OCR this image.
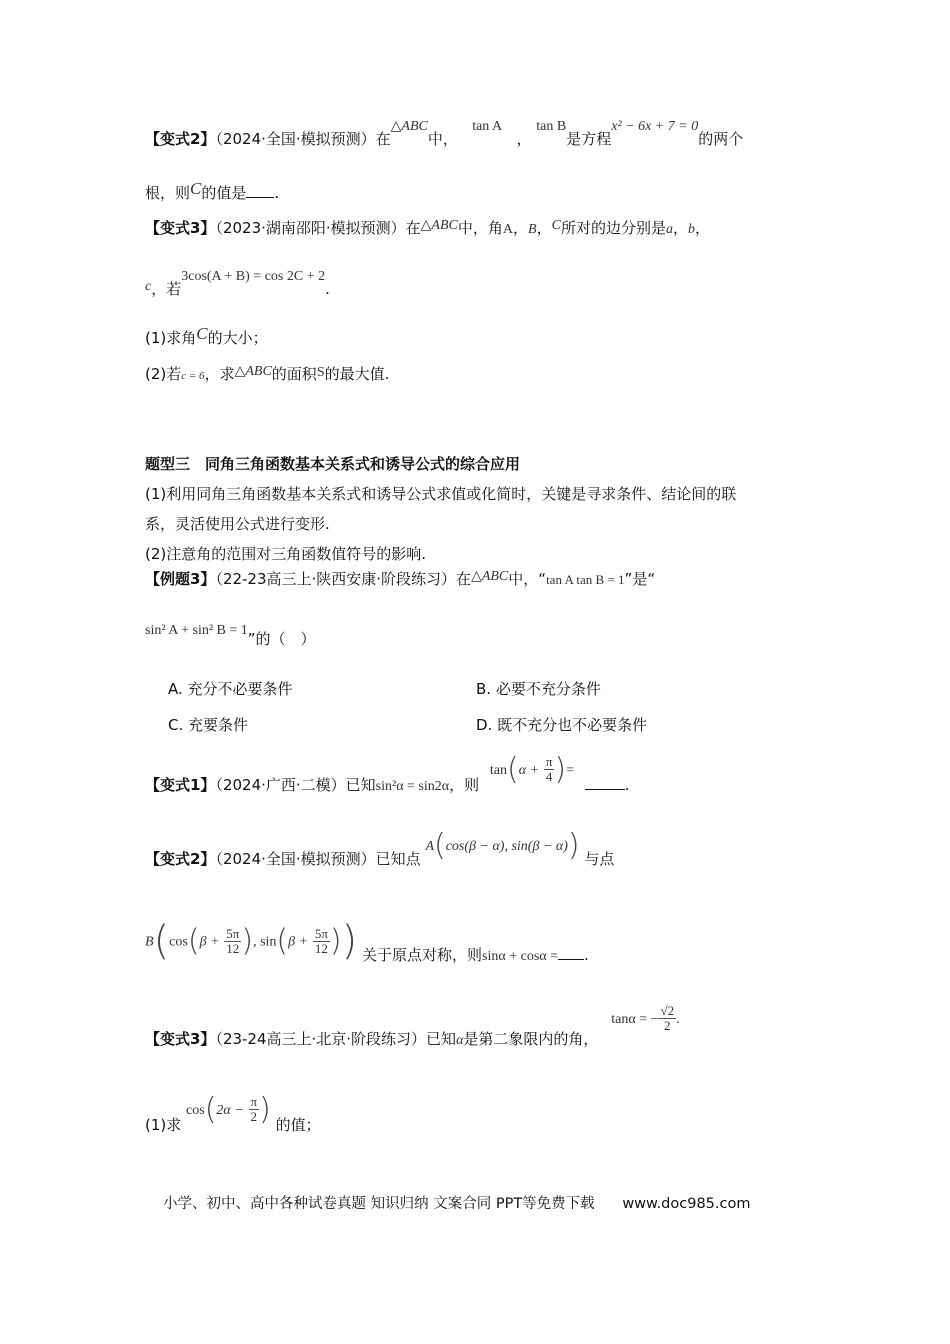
【变式2】（2024·全国·模拟预测）在△ABC中，   tan A   ， tan B是方程x² − 6x + 7 = 0的两个
根，则C的值是 .
【变式3】（2023·湖南邵阳·模拟预测）在△ABC中，角A，B，C所对的边分别是a，b，
c，若3cos(A + B) = cos 2C + 2.
(1)求角C的大小；
(2)若c = 6，求△ABC的面积S的最大值.
题型三　同角三角函数基本关系式和诱导公式的综合应用
(1)利用同角三角函数基本关系式和诱导公式求值或化简时，关键是寻求条件、结论间的联
系，灵活使用公式进行变形.
(2)注意角的范围对三角函数值符号的影响.
【例题3】（22-23高三上·陕西安康·阶段练习）在△ABC中，“tan A tan B = 1”是“
sin² A + sin² B = 1”的（　）
A. 充分不必要条件	B. 必要不充分条件
C. 充要条件	D. 既不充分也不必要条件
【变式1】（2024·广西·二模）已知sin²α = sin2α，则 $\tan(\alpha + \frac{\pi}{4}$ )= .
【变式2】（2024·全国·模拟预测）已知点 A(cos(β − α), sin(β − α)) 与点
$B(\cos(\beta + \frac{5\pi}{12}$ ), $\sin(\beta + \frac{5\pi}{12}$ )) 关于原点对称，则sinα + cosα = .
【变式3】（23-24高三上·北京·阶段练习）已知α是第二象限内的角， tanα = − $\frac{√2}{2}$ .
(1)求 $\cos(2\alpha - \frac{\pi}{2}$ ) 的值；
小学、初中、高中各种试卷真题 知识归纳 文案合同 PPT等免费下载 www.doc985.com
